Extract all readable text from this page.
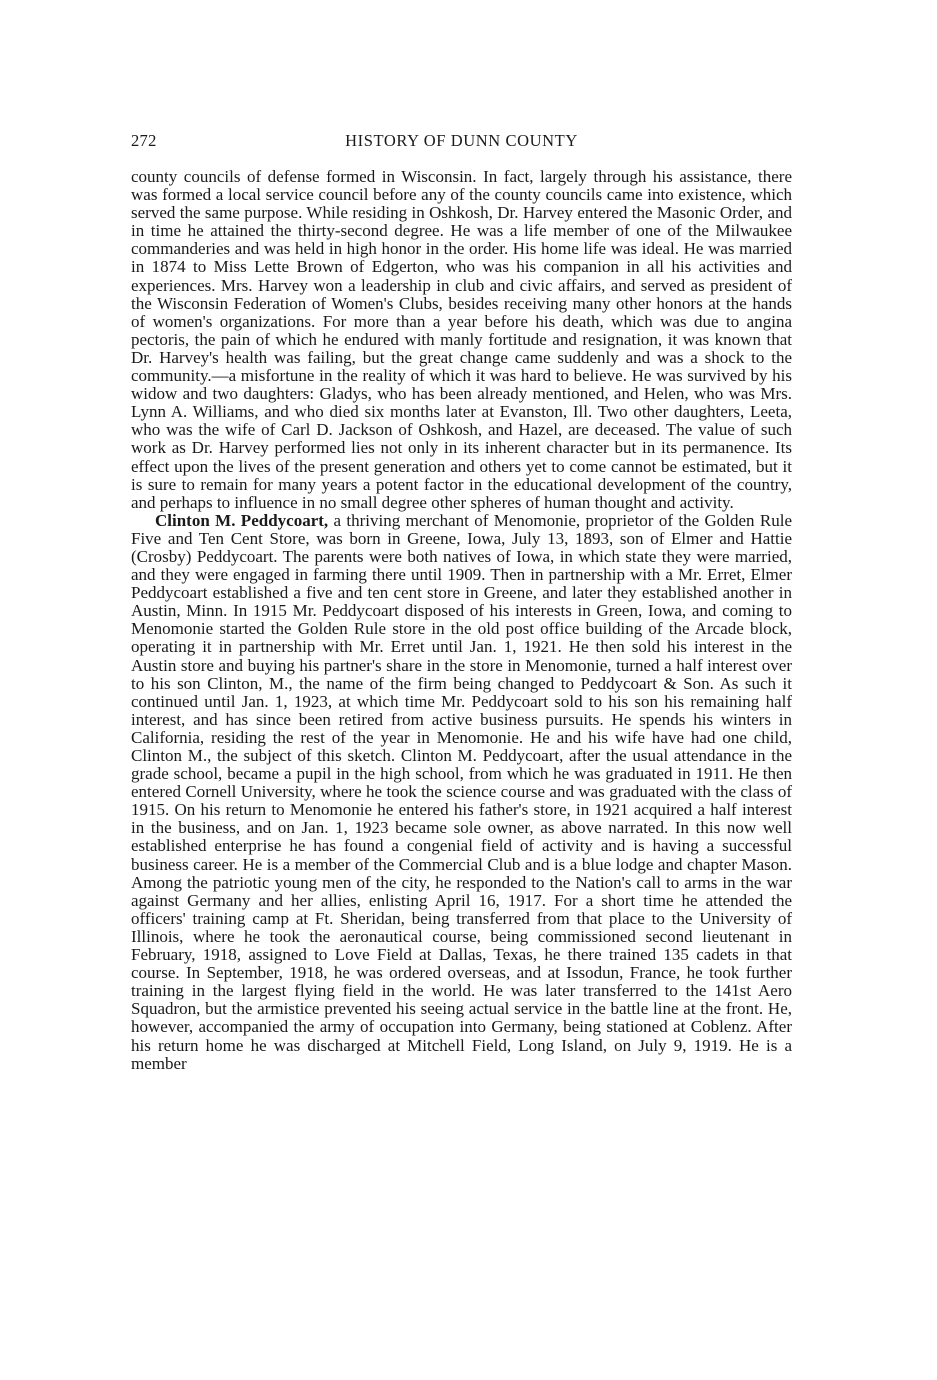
272	HISTORY OF DUNN COUNTY

county councils of defense formed in Wisconsin. In fact, largely through his assistance, there was formed a local service council before any of the county councils came into existence, which served the same purpose. While residing in Oshkosh, Dr. Harvey entered the Masonic Order, and in time he attained the thirty-second degree. He was a life member of one of the Milwaukee commanderies and was held in high honor in the order. His home life was ideal. He was married in 1874 to Miss Lette Brown of Edgerton, who was his companion in all his activities and experiences. Mrs. Harvey won a leadership in club and civic affairs, and served as president of the Wisconsin Federation of Women's Clubs, besides receiving many other honors at the hands of women's organizations. For more than a year before his death, which was due to angina pectoris, the pain of which he endured with manly fortitude and resignation, it was known that Dr. Harvey's health was failing, but the great change came suddenly and was a shock to the community.—a misfortune in the reality of which it was hard to believe. He was survived by his widow and two daughters: Gladys, who has been already mentioned, and Helen, who was Mrs. Lynn A. Williams, and who died six months later at Evanston, Ill. Two other daughters, Leeta, who was the wife of Carl D. Jackson of Oshkosh, and Hazel, are deceased. The value of such work as Dr. Harvey performed lies not only in its inherent character but in its permanence. Its effect upon the lives of the present generation and others yet to come cannot be estimated, but it is sure to remain for many years a potent factor in the educational development of the country, and perhaps to influence in no small degree other spheres of human thought and activity.

Clinton M. Peddycoart, a thriving merchant of Menomonie, proprietor of the Golden Rule Five and Ten Cent Store, was born in Greene, Iowa, July 13, 1893, son of Elmer and Hattie (Crosby) Peddycoart. The parents were both natives of Iowa, in which state they were married, and they were engaged in farming there until 1909. Then in partnership with a Mr. Erret, Elmer Peddycoart established a five and ten cent store in Greene, and later they established another in Austin, Minn. In 1915 Mr. Peddycoart disposed of his interests in Green, Iowa, and coming to Menomonie started the Golden Rule store in the old post office building of the Arcade block, operating it in partnership with Mr. Erret until Jan. 1, 1921. He then sold his interest in the Austin store and buying his partner's share in the store in Menomonie, turned a half interest over to his son Clinton, M., the name of the firm being changed to Peddycoart & Son. As such it continued until Jan. 1, 1923, at which time Mr. Peddycoart sold to his son his remaining half interest, and has since been retired from active business pursuits. He spends his winters in California, residing the rest of the year in Menomonie. He and his wife have had one child, Clinton M., the subject of this sketch. Clinton M. Peddycoart, after the usual attendance in the grade school, became a pupil in the high school, from which he was graduated in 1911. He then entered Cornell University, where he took the science course and was graduated with the class of 1915. On his return to Menomonie he entered his father's store, in 1921 acquired a half interest in the business, and on Jan. 1, 1923 became sole owner, as above narrated. In this now well established enterprise he has found a congenial field of activity and is having a successful business career. He is a member of the Commercial Club and is a blue lodge and chapter Mason. Among the patriotic young men of the city, he responded to the Nation's call to arms in the war against Germany and her allies, enlisting April 16, 1917. For a short time he attended the officers' training camp at Ft. Sheridan, being transferred from that place to the University of Illinois, where he took the aeronautical course, being commissioned second lieutenant in February, 1918, assigned to Love Field at Dallas, Texas, he there trained 135 cadets in that course. In September, 1918, he was ordered overseas, and at Issodun, France, he took further training in the largest flying field in the world. He was later transferred to the 141st Aero Squadron, but the armistice prevented his seeing actual service in the battle line at the front. He, however, accompanied the army of occupation into Germany, being stationed at Coblenz. After his return home he was discharged at Mitchell Field, Long Island, on July 9, 1919. He is a member
